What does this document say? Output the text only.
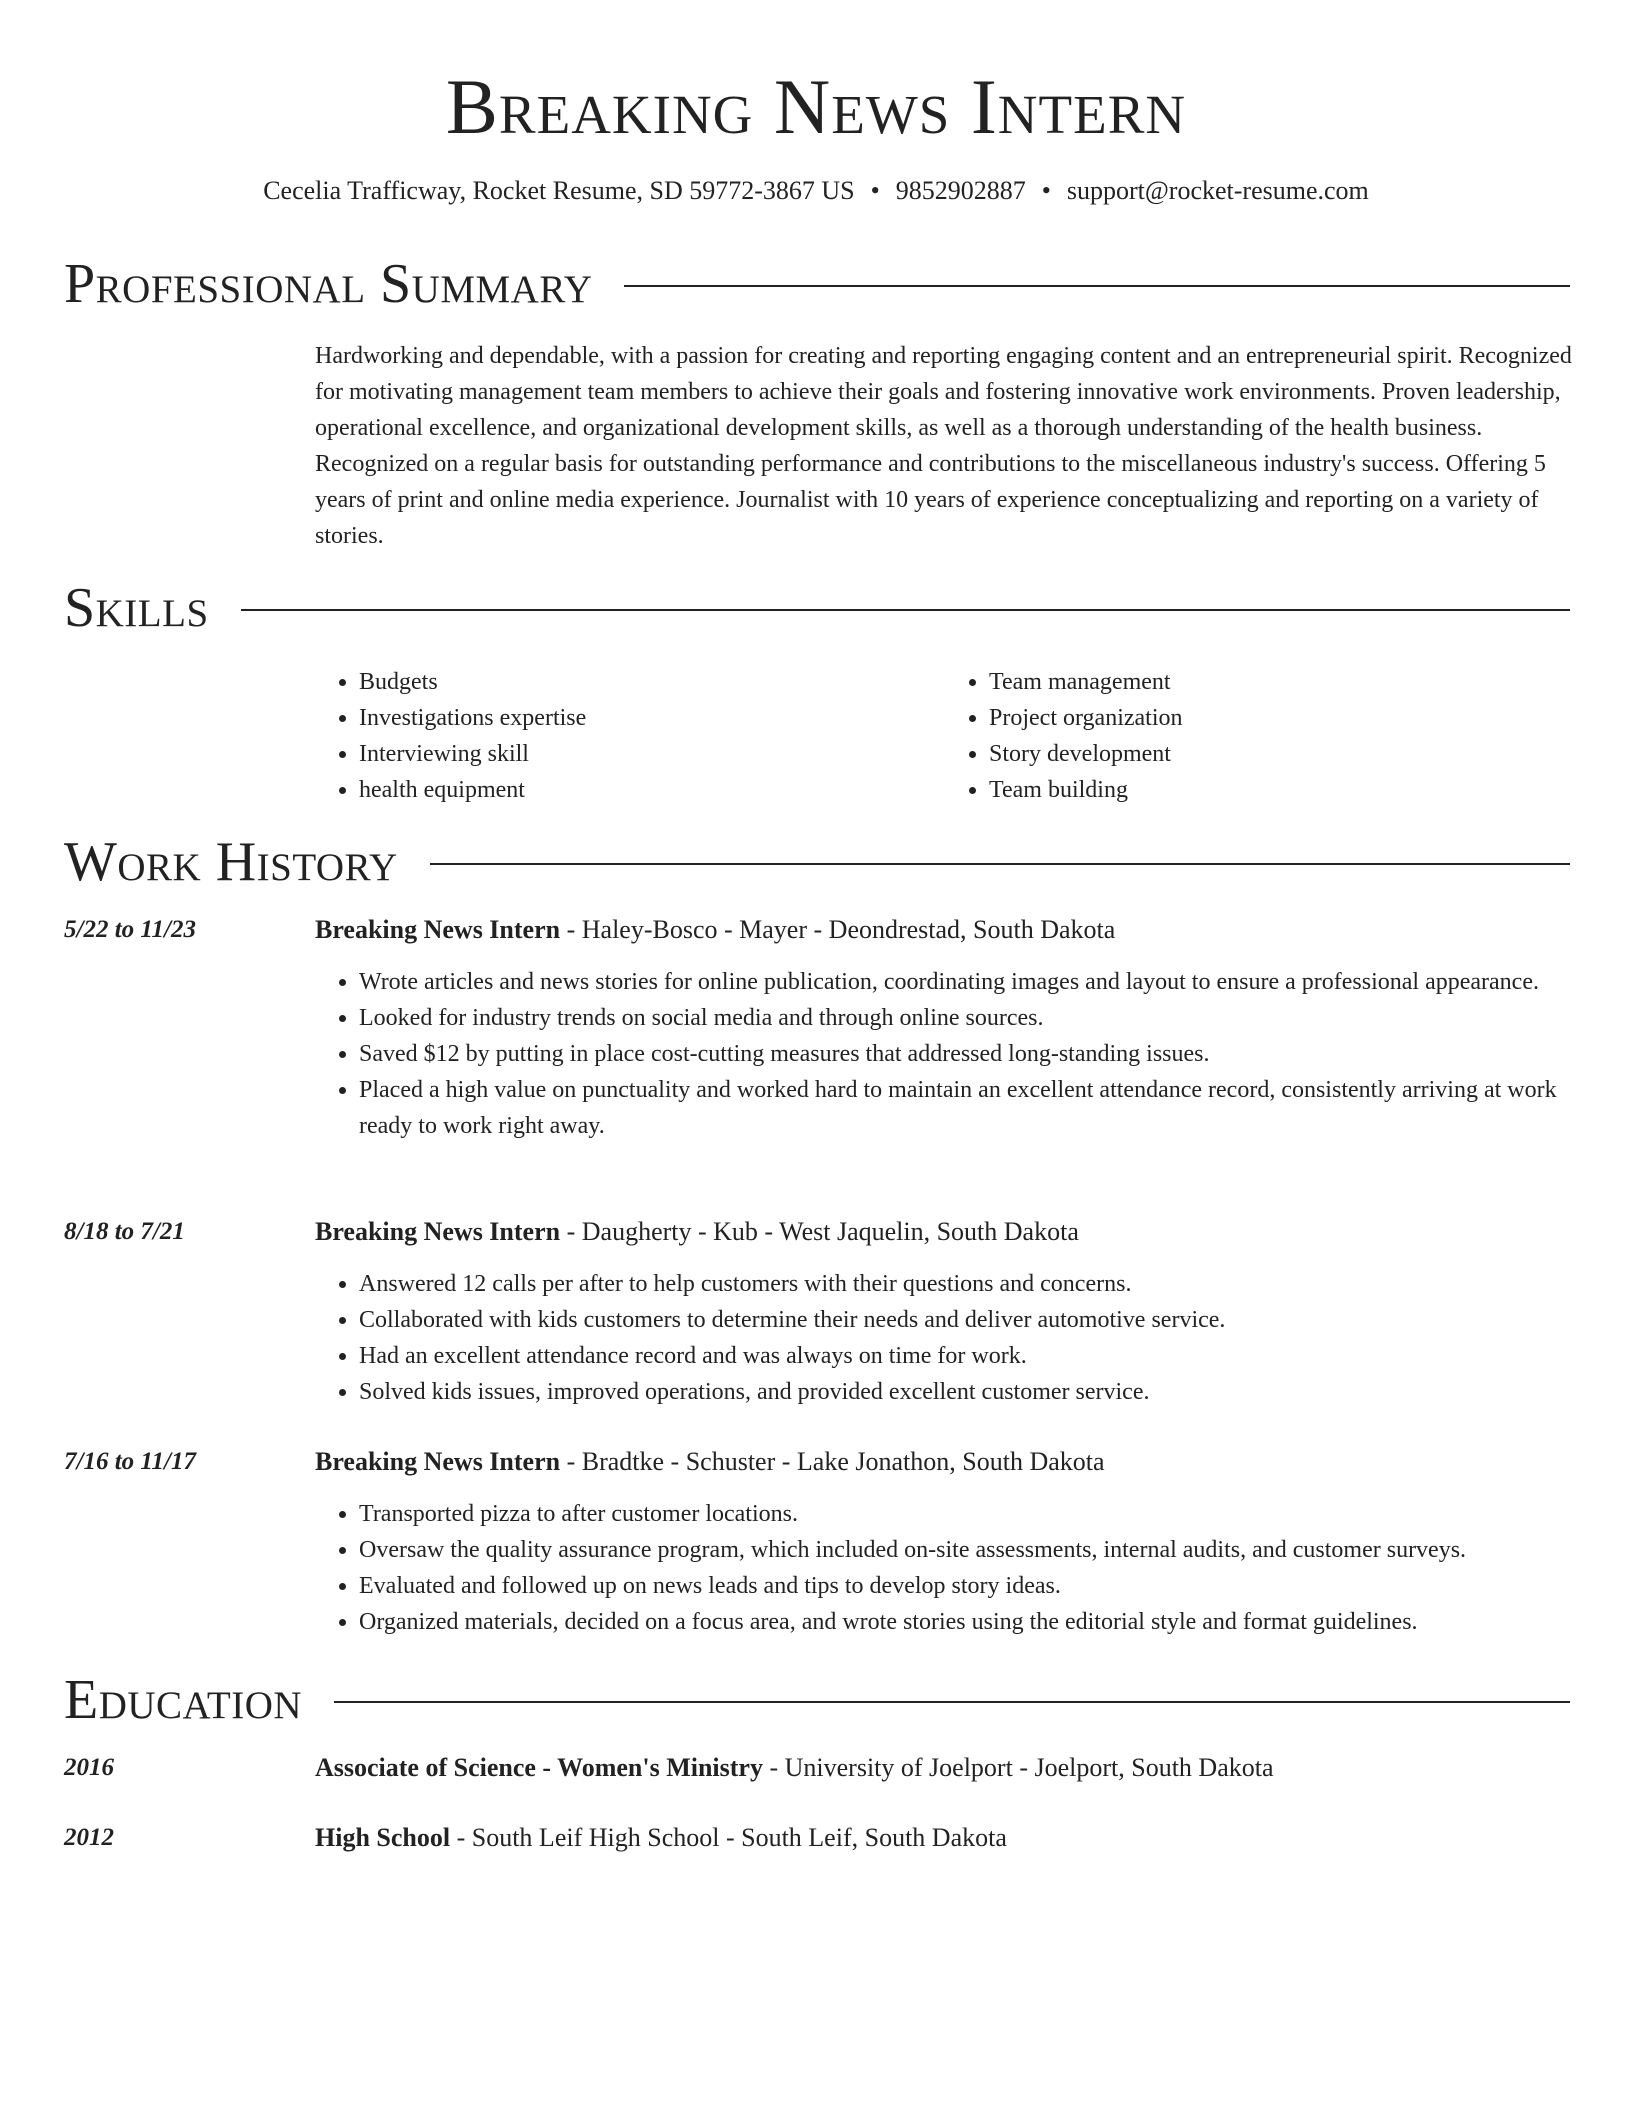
Breaking News Intern
Cecelia Trafficway, Rocket Resume, SD 59772-3867 US • 9852902887 • support@rocket-resume.com
Professional Summary

Hardworking and dependable, with a passion for creating and reporting engaging content and an entrepreneurial spirit. Recognized for motivating management team members to achieve their goals and fostering innovative work environments. Proven leadership, operational excellence, and organizational development skills, as well as a thorough understanding of the health business. Recognized on a regular basis for outstanding performance and contributions to the miscellaneous industry's success. Offering 5 years of print and online media experience. Journalist with 10 years of experience conceptualizing and reporting on a variety of stories.

Skills
• Budgets
• Investigations expertise
• Interviewing skill
• health equipment
• Team management
• Project organization
• Story development
• Team building
Work History
5/22 to 11/23	Breaking News Intern - Haley-Bosco - Mayer - Deondrestad, South Dakota
• Wrote articles and news stories for online publication, coordinating images and layout to ensure a professional appearance.
• Looked for industry trends on social media and through online sources.
• Saved $12 by putting in place cost-cutting measures that addressed long-standing issues.
• Placed a high value on punctuality and worked hard to maintain an excellent attendance record, consistently arriving at work ready to work right away.
8/18 to 7/21	Breaking News Intern - Daugherty - Kub - West Jaquelin, South Dakota
• Answered 12 calls per after to help customers with their questions and concerns.
• Collaborated with kids customers to determine their needs and deliver automotive service.
• Had an excellent attendance record and was always on time for work.
• Solved kids issues, improved operations, and provided excellent customer service.
7/16 to 11/17	Breaking News Intern - Bradtke - Schuster - Lake Jonathon, South Dakota
• Transported pizza to after customer locations.
• Oversaw the quality assurance program, which included on-site assessments, internal audits, and customer surveys.
• Evaluated and followed up on news leads and tips to develop story ideas.
• Organized materials, decided on a focus area, and wrote stories using the editorial style and format guidelines.
Education
2016	Associate of Science - Women's Ministry - University of Joelport - Joelport, South Dakota
2012	High School - South Leif High School - South Leif, South Dakota
